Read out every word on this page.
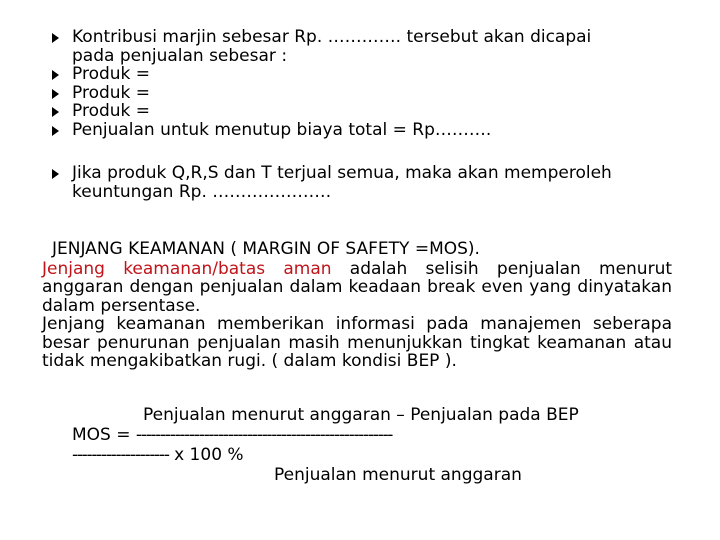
Kontribusi marjin sebesar Rp. …………. tersebut akan dicapai
pada penjualan sebesar :
Produk =
Produk =
Produk =
Penjualan untuk menutup biaya total = Rp……….
Jika produk Q,R,S dan T terjual semua, maka akan memperoleh
keuntungan Rp. …………………
JENJANG KEAMANAN ( MARGIN OF SAFETY =MOS).

Jenjang keamanan/batas aman adalah selisih penjualan menurut anggaran dengan penjualan dalam keadaan break even yang dinyatakan dalam persentase.

Jenjang keamanan memberikan informasi pada manajemen seberapa besar penurunan penjualan masih menunjukkan tingkat keamanan atau tidak mengakibatkan rugi. ( dalam kondisi BEP ).

Penjualan menurut anggaran – Penjualan pada BEP
MOS = -----------------------------------------------------
-------------------- x 100 %
Penjualan menurut anggaran
